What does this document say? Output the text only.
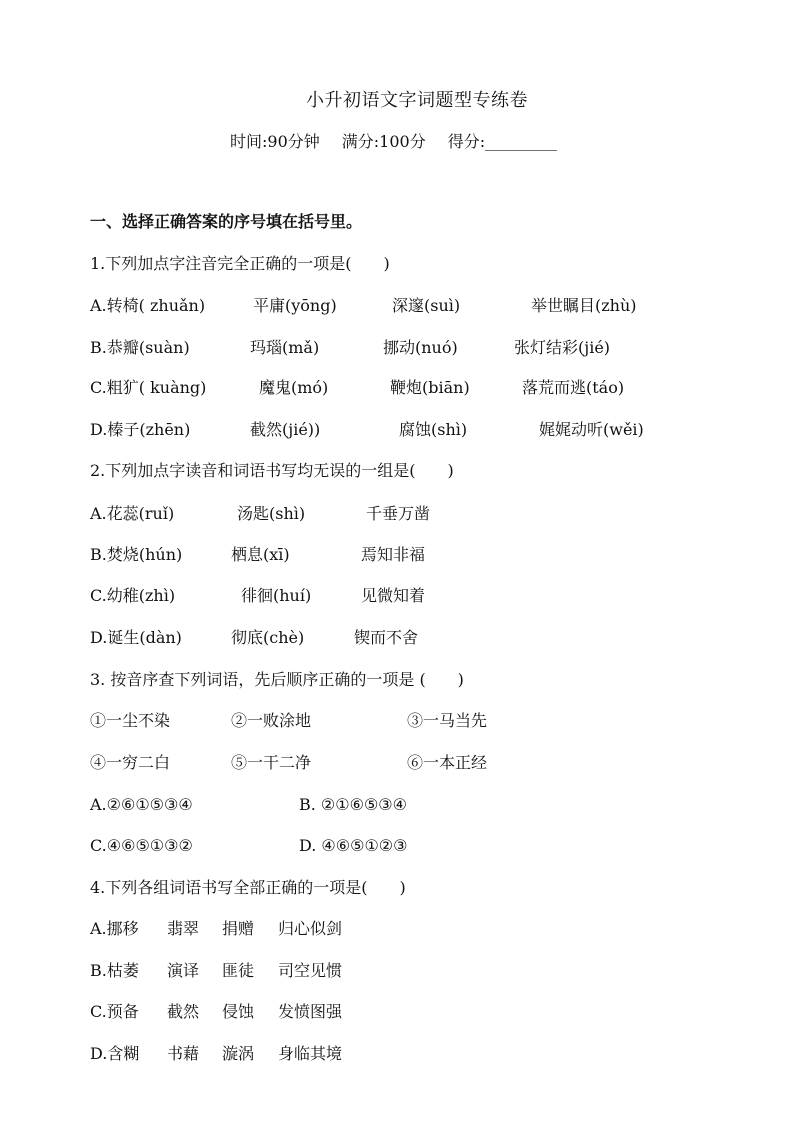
小升初语文字词题型专练卷
时间:90分钟 满分:100分 得分:_________
一、选择正确答案的序号填在括号里。
1.下列加点字注音完全正确的一项是(　　)
A.转椅( zhuǎn)	平庸(yōng)	深邃(suì)	举世瞩目(zhù)
B.恭瓣(suàn)	玛瑙(mǎ)	挪动(nuó)	张灯结彩(jié)
C.粗犷( kuàng)	魔鬼(mó)	鞭炮(biān)	落荒而逃(táo)
D.榛子(zhēn)	截然(jié))	腐蚀(shì)	娓娓动听(wěi)
2.下列加点字读音和词语书写均无误的一组是(　　)
A.花蕊(ruǐ)	汤匙(shì)	千垂万凿
B.焚烧(hún)	栖息(xī)	焉知非福
C.幼稚(zhì)	徘徊(huí)	见微知着
D.诞生(dàn)	彻底(chè)	锲而不舍
3. 按音序查下列词语，先后顺序正确的一项是 (　　)
①一尘不染	②一败涂地	③一马当先
④一穷二白	⑤一干二净	⑥一本正经
A.②⑥①⑤③④	B. ②①⑥⑤③④
C.④⑥⑤①③②	D. ④⑥⑤①②③
4.下列各组词语书写全部正确的一项是(　　)
A.挪移 翡翠 捐赠 归心似剑
B.枯萎 演译 匪徒 司空见惯
C.预备 截然 侵蚀 发愤图强
D.含糊 书藉 漩涡 身临其境
